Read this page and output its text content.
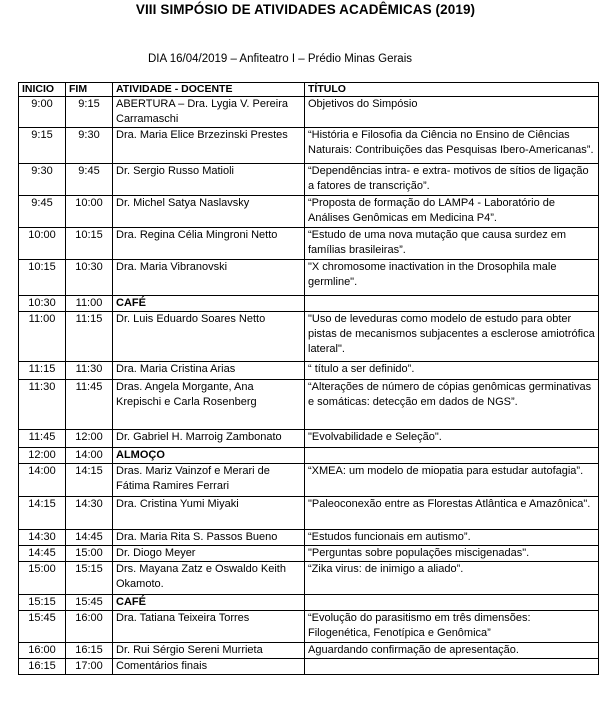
VIII SIMPÓSIO DE ATIVIDADES ACADÊMICAS (2019)
DIA 16/04/2019 – Anfiteatro I – Prédio Minas Gerais
INICIO	FIM	ATIVIDADE - DOCENTE	TÍTULO
9:00	9:15	ABERTURA – Dra. Lygia V. Pereira Carramaschi	Objetivos do Simpósio
9:15	9:30	Dra. Maria Elice Brzezinski Prestes	“História e Filosofia da Ciência no Ensino de Ciências Naturais: Contribuições das Pesquisas Ibero-Americanas”.
9:30	9:45	Dr. Sergio Russo Matioli	“Dependências intra- e extra- motivos de sítios de ligação a fatores de transcrição”.
9:45	10:00	Dr. Michel Satya Naslavsky	“Proposta de formação do LAMP4 - Laboratório de Análises Genômicas em Medicina P4”.
10:00	10:15	Dra. Regina Célia Mingroni Netto	“Estudo de uma nova mutação que causa surdez em famílias brasileiras”.
10:15	10:30	Dra. Maria Vibranovski	"X chromosome inactivation in the Drosophila male germline".
10:30	11:00	CAFÉ	
11:00	11:15	Dr. Luis Eduardo Soares Netto	"Uso de leveduras como modelo de estudo para obter pistas de mecanismos subjacentes a esclerose amiotrófica lateral".
11:15	11:30	Dra. Maria Cristina Arias	“ título a ser definido”.
11:30	11:45	Dras. Angela Morgante, Ana Krepischi e Carla Rosenberg	“Alterações de número de cópias genômicas germinativas e somáticas: detecção em dados de NGS”.
11:45	12:00	Dr. Gabriel H. Marroig Zambonato	"Evolvabilidade e Seleção".
12:00	14:00	ALMOÇO	
14:00	14:15	Dras. Mariz Vainzof e Merari de Fátima Ramires Ferrari	“XMEA: um modelo de miopatia para estudar autofagia”.
14:15	14:30	Dra. Cristina Yumi Miyaki	"Paleoconexão entre as Florestas Atlântica e Amazônica".
14:30	14:45	Dra. Maria Rita S. Passos Bueno	“Estudos funcionais em autismo”.
14:45	15:00	Dr. Diogo Meyer	"Perguntas sobre populações miscigenadas".
15:00	15:15	Drs. Mayana Zatz e Oswaldo Keith Okamoto.	“Zika virus: de inimigo a aliado”.
15:15	15:45	CAFÉ	
15:45	16:00	Dra. Tatiana Teixeira Torres	“Evolução do parasitismo em três dimensões: Filogenética, Fenotípica e Genômica”
16:00	16:15	Dr. Rui Sérgio Sereni Murrieta	Aguardando confirmação de apresentação.
16:15	17:00	Comentários finais	
